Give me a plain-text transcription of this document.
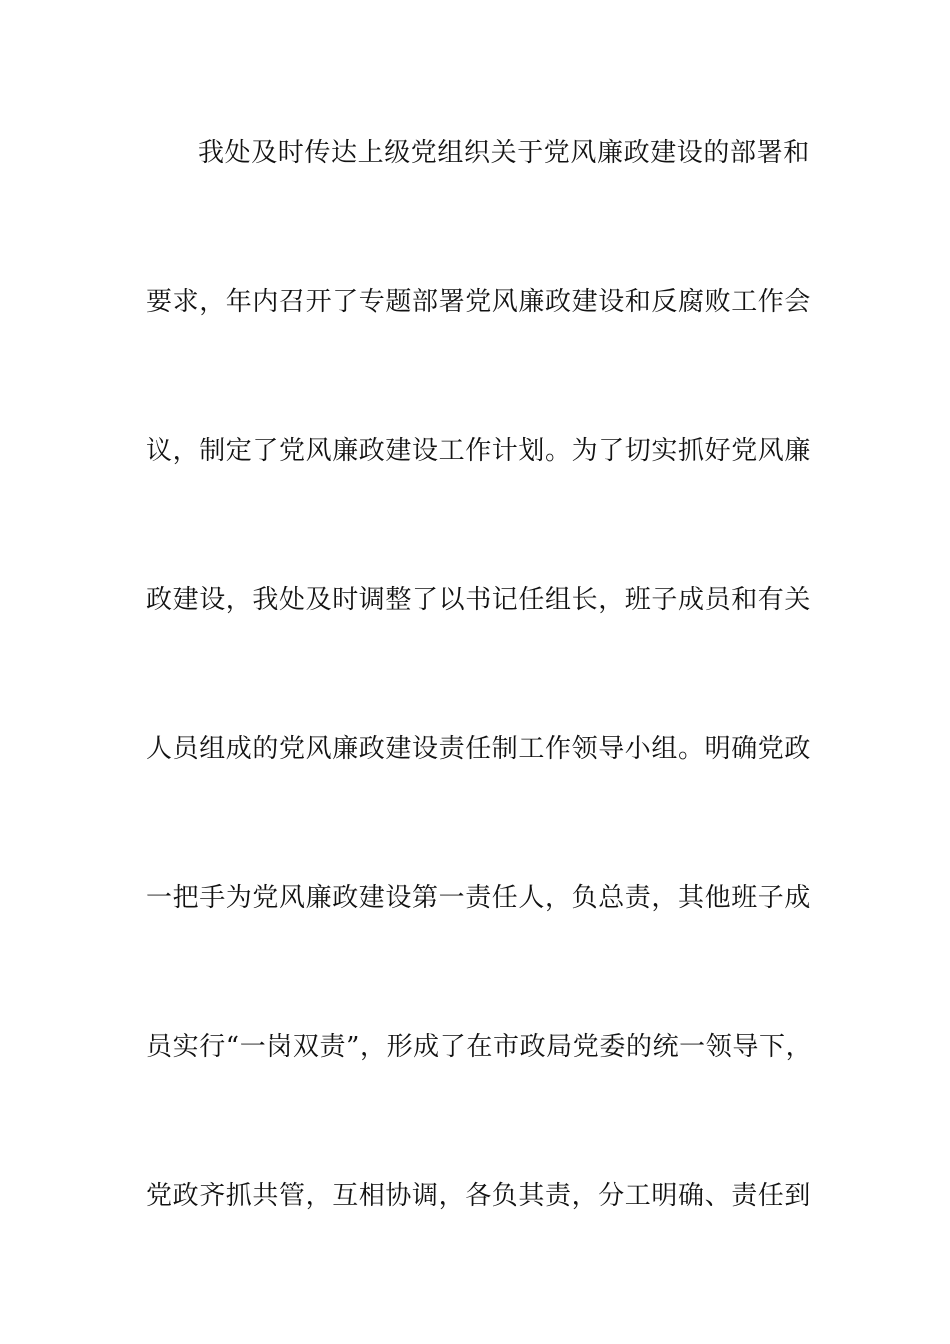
我处及时传达上级党组织关于党风廉政建设的部署和
要求，年内召开了专题部署党风廉政建设和反腐败工作会
议，制定了党风廉政建设工作计划。为了切实抓好党风廉
政建设，我处及时调整了以书记任组长，班子成员和有关
人员组成的党风廉政建设责任制工作领导小组。明确党政
一把手为党风廉政建设第一责任人，负总责，其他班子成
员实行“一岗双责”，形成了在市政局党委的统一领导下，
党政齐抓共管，互相协调，各负其责，分工明确、责任到
